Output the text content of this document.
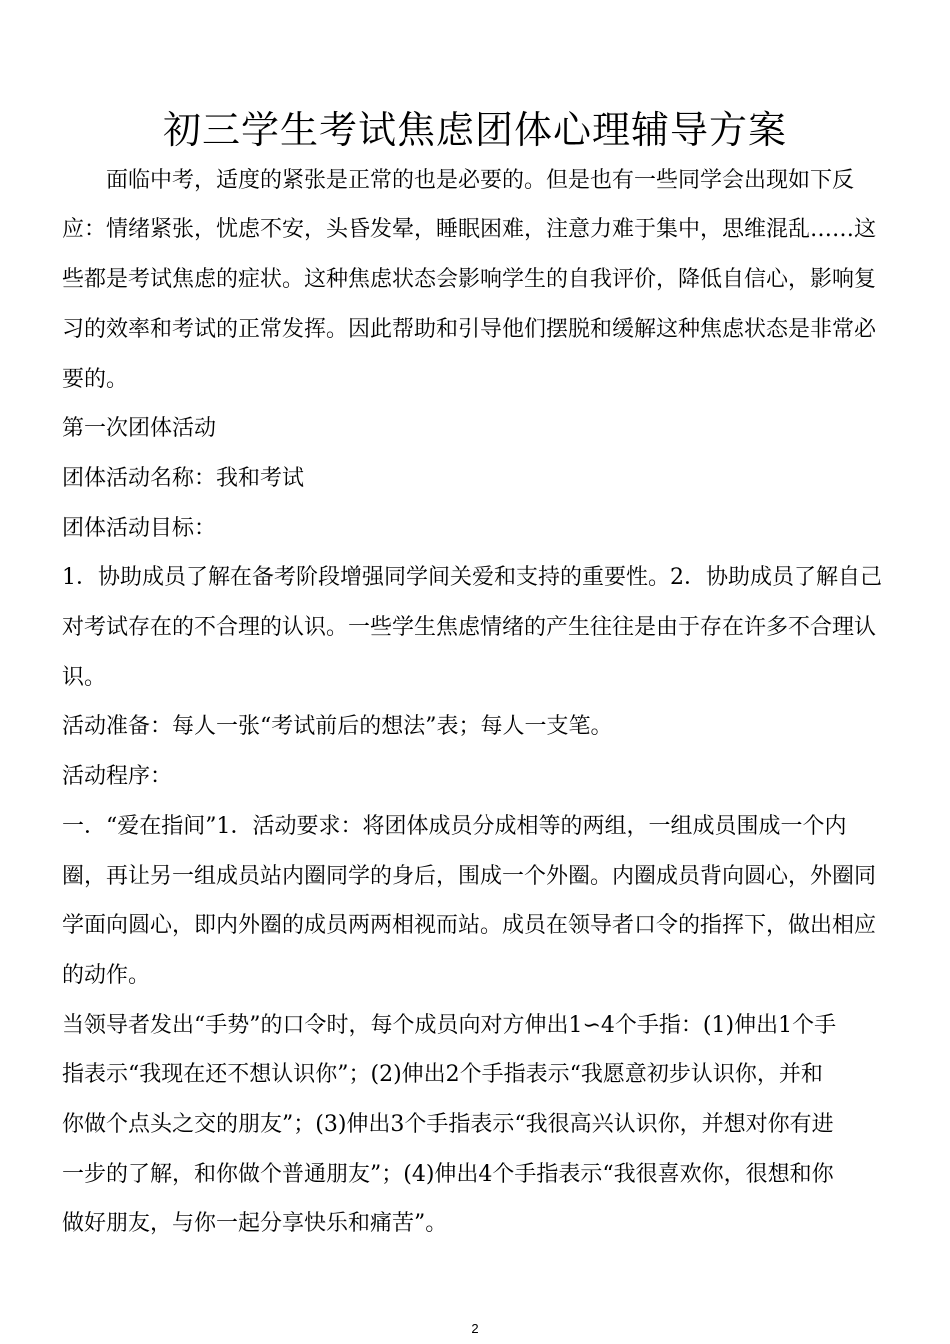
初三学生考试焦虑团体心理辅导方案
　　面临中考，适度的紧张是正常的也是必要的。但是也有一些同学会出现如下反
应：情绪紧张，忧虑不安，头昏发晕，睡眠困难，注意力难于集中，思维混乱……这
些都是考试焦虑的症状。这种焦虑状态会影响学生的自我评价，降低自信心，影响复
习的效率和考试的正常发挥。因此帮助和引导他们摆脱和缓解这种焦虑状态是非常必
要的。
第一次团体活动
团体活动名称：我和考试
团体活动目标：
1．协助成员了解在备考阶段增强同学间关爱和支持的重要性。2．协助成员了解自己
对考试存在的不合理的认识。一些学生焦虑情绪的产生往往是由于存在许多不合理认
识。
活动准备：每人一张“考试前后的想法”表；每人一支笔。
活动程序：
一．“爱在指间”1．活动要求：将团体成员分成相等的两组，一组成员围成一个内
圈，再让另一组成员站内圈同学的身后，围成一个外圈。内圈成员背向圆心，外圈同
学面向圆心，即内外圈的成员两两相视而站。成员在领导者口令的指挥下，做出相应
的动作。
当领导者发出“手势”的口令时，每个成员向对方伸出1∽4个手指：(1)伸出1个手
指表示“我现在还不想认识你”；(2)伸出2个手指表示“我愿意初步认识你，并和
你做个点头之交的朋友”；(3)伸出3个手指表示“我很高兴认识你，并想对你有进
一步的了解，和你做个普通朋友”；(4)伸出4个手指表示“我很喜欢你，很想和你
做好朋友，与你一起分享快乐和痛苦”。
2
